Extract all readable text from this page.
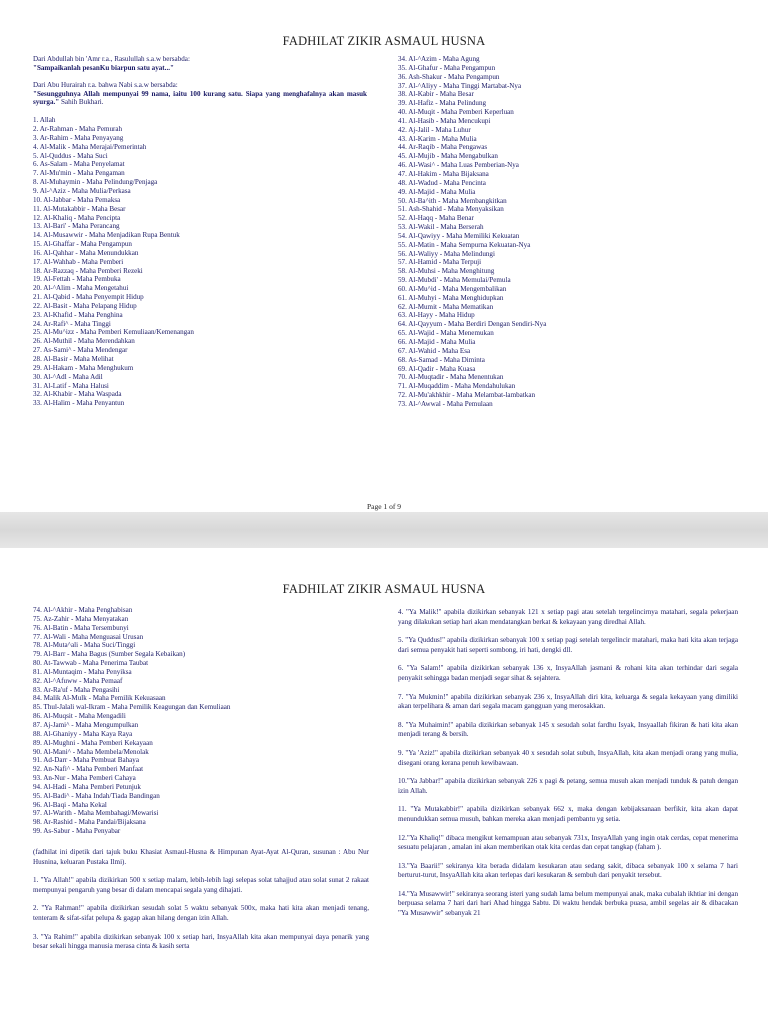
FADHILAT ZIKIR ASMAUL HUSNA
Dari Abdullah bin 'Amr r.a., Rasulullah s.a.w bersabda:
"Sampaikanlah pesanKu biarpun satu ayat..."
Dari Abu Hurairah r.a. bahwa Nabi s.a.w bersabda:
"Sesungguhnya Allah mempunyai 99 nama, iaitu 100 kurang satu. Siapa yang menghafalnya akan masuk syurga." Sahih Bukhari.
1. Allah
2. Ar-Rahman - Maha Pemurah
3. Ar-Rahim - Maha Penyayang
4. Al-Malik - Maha Merajai/Pemerintah
5. Al-Quddus - Maha Suci
6. As-Salam - Maha Penyelamat
7. Al-Mu'min - Maha Pengaman
8. Al-Muhaymin - Maha Pelindung/Penjaga
9. Al-^Aziz - Maha Mulia/Perkasa
10. Al-Jabbar - Maha Pemaksa
11. Al-Mutakabbir - Maha Besar
12. Al-Khaliq - Maha Pencipta
13. Al-Bari' - Maha Perancang
14. Al-Musawwir - Maha Menjadikan Rupa Bentuk
15. Al-Ghaffar - Maha Pengampun
16. Al-Qahhar - Maha Menundukkan
17. Al-Wahhab - Maha Pemberi
18. Ar-Razzaq - Maha Pemberi Rezeki
19. Al-Fettah - Maha Pembuka
20. Al-^Alim - Maha Mengetahui
21. Al-Qabid - Maha Penyempit Hidup
22. Al-Basit - Maha Pelapang Hidup
23. Al-Khafid - Maha Penghina
24. Ar-Rafi^ - Maha Tinggi
25. Al-Mu^izz - Maha Pemberi Kemuliaan/Kemenangan
26. Al-Muthil - Maha Merendahkan
27. As-Sami^ - Maha Mendengar
28. Al-Basir - Maha Melihat
29. Al-Hakam - Maha Menghukum
30. Al-^Adl - Maha Adil
31. Al-Latif - Maha Halusi
32. Al-Khabir - Maha Waspada
33. Al-Halim - Maha Penyantun
34. Al-^Azim - Maha Agung
35. Al-Ghafur - Maha Pengampun
36. Ash-Shakur - Maha Pengampun
37. Al-^Aliyy - Maha Tinggi Martabat-Nya
38. Al-Kabir - Maha Besar
39. Al-Hafiz - Maha Pelindung
40. Al-Muqit - Maha Pemberi Keperluan
41. Al-Hasib - Maha Mencukupi
42. Aj-Jalil - Maha Luhur
43. Al-Karim - Maha Mulia
44. Ar-Raqib - Maha Pengawas
45. Al-Mujib - Maha Mengabulkan
46. Al-Wasi^ - Maha Luas Pemberian-Nya
47. Al-Hakim - Maha Bijaksana
48. Al-Wadud - Maha Pencinta
49. Al-Majid - Maha Mulia
50. Al-Ba^ith - Maha Membangkitkan
51. Ash-Shahid - Maha Menyaksikan
52. Al-Haqq - Maha Benar
53. Al-Wakil - Maha Berserah
54. Al-Qawiyy - Maha Memiliki Kekuatan
55. Al-Matin - Maha Sempurna Kekuatan-Nya
56. Al-Waliyy - Maha Melindungi
57. Al-Hamid - Maha Terpuji
58. Al-Muhsi - Maha Menghitung
59. Al-Mubdi' - Maha Memulai/Pemula
60. Al-Mu^id - Maha Mengembalikan
61. Al-Muhyi - Maha Menghidupkan
62. Al-Mumit - Maha Mematikan
63. Al-Hayy - Maha Hidup
64. Al-Qayyum - Maha Berdiri Dengan Sendiri-Nya
65. Al-Wajid - Maha Menemukan
66. Al-Majid - Maha Mulia
67. Al-Wahid - Maha Esa
68. As-Samad - Maha Diminta
69. Al-Qadir - Maha Kuasa
70. Al-Muqtadir - Maha Menentukan
71. Al-Muqaddim - Maha Mendahulukan
72. Al-Mu'akhkhir - Maha Melambat-lambatkan
73. Al-^Awwal - Maha Pemulaan
Page 1 of 9
FADHILAT ZIKIR ASMAUL HUSNA
74. Al-^Akhir - Maha Penghabisan
75. Az-Zahir - Maha Menyatakan
76. Al-Batin - Maha Tersembunyi
77. Al-Wali - Maha Menguasai Urusan
78. Al-Muta^ali - Maha Suci/Tinggi
79. Al-Barr - Maha Bagus (Sumber Segala Kebaikan)
80. At-Tawwab - Maha Penerima Taubat
81. Al-Muntaqim - Maha Penyiksa
82. Al-^Afuww - Maha Pemaaf
83. Ar-Ra'uf - Maha Pengasihi
84. Malik Al-Mulk - Maha Pemilik Kekuasaan
85. Thul-Jalali wal-Ikram - Maha Pemilik Keagungan dan Kemuliaan
86. Al-Muqsit - Maha Mengadili
87. Aj-Jami^ - Maha Mengumpulkan
88. Al-Ghaniyy - Maha Kaya Raya
89. Al-Mughni - Maha Pemberi Kekayaan
90. Al-Mani^ - Maha Membela/Menolak
91. Ad-Darr - Maha Pembuat Bahaya
92. An-Nafi^ - Maha Pemberi Manfaat
93. An-Nur - Maha Pemberi Cahaya
94. Al-Hadi - Maha Pemberi Petunjuk
95. Al-Badi^ - Maha Indah/Tiada Bandingan
96. Al-Baqi - Maha Kekal
97. Al-Warith - Maha Membahagi/Mewarisi
98. Ar-Rashid - Maha Pandai/Bijaksana
99. As-Sabur - Maha Penyabar
(fadhilat ini dipetik dari tajuk buku Khasiat Asmaul-Husna & Himpunan Ayat-Ayat Al-Quran, susunan : Abu Nur Husnina, keluaran Pustaka Ilmi).
1. "Ya Allah!" apabila dizikirkan 500 x setiap malam, lebih-lebih lagi selepas solat tahajjud atau solat sunat 2 rakaat mempunyai pengaruh yang besar di dalam mencapai segala yang dihajati.
2. "Ya Rahman!" apabila dizikirkan sesudah solat 5 waktu sebanyak 500x, maka hati kita akan menjadi tenang, tenteram & sifat-sifat pelupa & gagap akan hilang dengan izin Allah.
3. "Ya Rahim!" apabila dizikirkan sebanyak 100 x setiap hari, InsyaAllah kita akan mempunyai daya penarik yang besar sekali hingga manusia merasa cinta & kasih serta
4. "Ya Malik!" apabila dizikirkan sebanyak 121 x setiap pagi atau setelah tergelincirnya matahari, segala pekerjaan yang dilakukan setiap hari akan mendatangkan berkat & kekayaan yang diredhai Allah.
5. "Ya Quddus!" apabila dizikirkan sebanyak 100 x setiap pagi setelah tergelincir matahari, maka hati kita akan terjaga dari semua penyakit hati seperti sombong, iri hati, dengki dll.
6. "Ya Salam!" apabila dizikirkan sebanyak 136 x, InsyaAllah jasmani & rohani kita akan terhindar dari segala penyakit sehingga badan menjadi segar sihat & sejahtera.
7. "Ya Mukmin!" apabila dizikirkan sebanyak 236 x, InsyaAllah diri kita, keluarga & segala kekayaan yang dimiliki akan terpelihara & aman dari segala macam gangguan yang merosakkan.
8. "Ya Muhaimin!" apabila dizikirkan sebanyak 145 x sesudah solat fardhu Isyak, Insyaallah fikiran & hati kita akan menjadi terang & bersih.
9. "Ya 'Aziz!" apabila dizikirkan sebanyak 40 x sesudah solat subuh, InsyaAllah, kita akan menjadi orang yang mulia, disegani orang kerana penuh kewibawaan.
10."Ya Jabbar!" apabila dizikirkan sebanyak 226 x pagi & petang, semua musuh akan menjadi tunduk & patuh dengan izin Allah.
11. "Ya Mutakabbir!" apabila dizikirkan sebanyak 662 x, maka dengan kebijaksanaan berfikir, kita akan dapat menundukkan semua musuh, bahkan mereka akan menjadi pembantu yg setia.
12."Ya Khaliq!" dibaca mengikut kemampuan atau sebanyak 731x, InsyaAllah yang ingin otak cerdas, cepat menerima sesuatu pelajaran , amalan ini akan memberikan otak kita cerdas dan cepat tangkap (faham ).
13."Ya Baarii!" sekiranya kita berada didalam kesukaran atau sedang sakit, dibaca sebanyak 100 x selama 7 hari berturut-turut, InsyaAllah kita akan terlepas dari kesukaran & sembuh dari penyakit tersebut.
14."Ya Musawwir!" sekiranya seorang isteri yang sudah lama belum mempunyai anak, maka cubalah ikhtiar ini dengan berpuasa selama 7 hari dari hari Ahad hingga Sabtu. Di waktu hendak berbuka puasa, ambil segelas air & dibacakan "Ya Musawwir" sebanyak 21
